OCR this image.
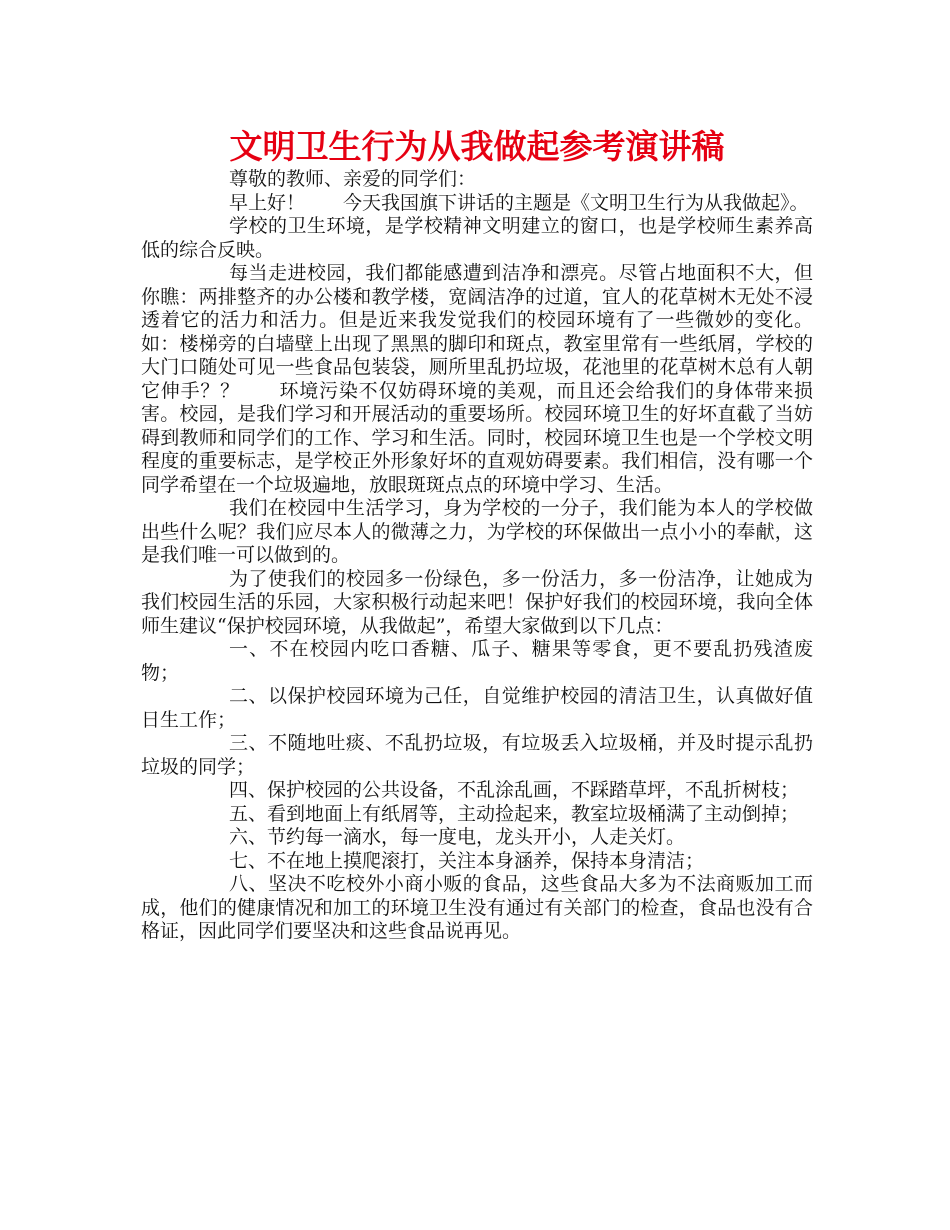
文明卫生行为从我做起参考演讲稿

尊敬的教师、亲爱的同学们：

早上好！　　今天我国旗下讲话的主题是《文明卫生行为从我做起》。

学校的卫生环境，是学校精神文明建立的窗口，也是学校师生素养高低的综合反映。

每当走进校园，我们都能感遭到洁净和漂亮。尽管占地面积不大，但你瞧：两排整齐的办公楼和教学楼，宽阔洁净的过道，宜人的花草树木无处不浸透着它的活力和活力。但是近来我发觉我们的校园环境有了一些微妙的变化。如：楼梯旁的白墙壁上出现了黑黑的脚印和斑点，教室里常有一些纸屑，学校的大门口随处可见一些食品包装袋，厕所里乱扔垃圾，花池里的花草树木总有人朝它伸手？？　　环境污染不仅妨碍环境的美观，而且还会给我们的身体带来损害。校园，是我们学习和开展活动的重要场所。校园环境卫生的好坏直截了当妨碍到教师和同学们的工作、学习和生活。同时，校园环境卫生也是一个学校文明程度的重要标志，是学校正外形象好坏的直观妨碍要素。我们相信，没有哪一个同学希望在一个垃圾遍地，放眼斑斑点点的环境中学习、生活。

我们在校园中生活学习，身为学校的一分子，我们能为本人的学校做出些什么呢？我们应尽本人的微薄之力，为学校的环保做出一点小小的奉献，这是我们唯一可以做到的。

为了使我们的校园多一份绿色，多一份活力，多一份洁净，让她成为我们校园生活的乐园，大家积极行动起来吧！保护好我们的校园环境，我向全体师生建议“保护校园环境，从我做起”，希望大家做到以下几点：

一、不在校园内吃口香糖、瓜子、糖果等零食，更不要乱扔残渣废物；

二、以保护校园环境为己任，自觉维护校园的清洁卫生，认真做好值日生工作；

三、不随地吐痰、不乱扔垃圾，有垃圾丢入垃圾桶，并及时提示乱扔垃圾的同学；

四、保护校园的公共设备，不乱涂乱画，不踩踏草坪，不乱折树枝；

五、看到地面上有纸屑等，主动捡起来，教室垃圾桶满了主动倒掉；

六、节约每一滴水，每一度电，龙头开小，人走关灯。

七、不在地上摸爬滚打，关注本身涵养，保持本身清洁；

八、坚决不吃校外小商小贩的食品，这些食品大多为不法商贩加工而成，他们的健康情况和加工的环境卫生没有通过有关部门的检查，食品也没有合格证，因此同学们要坚决和这些食品说再见。
